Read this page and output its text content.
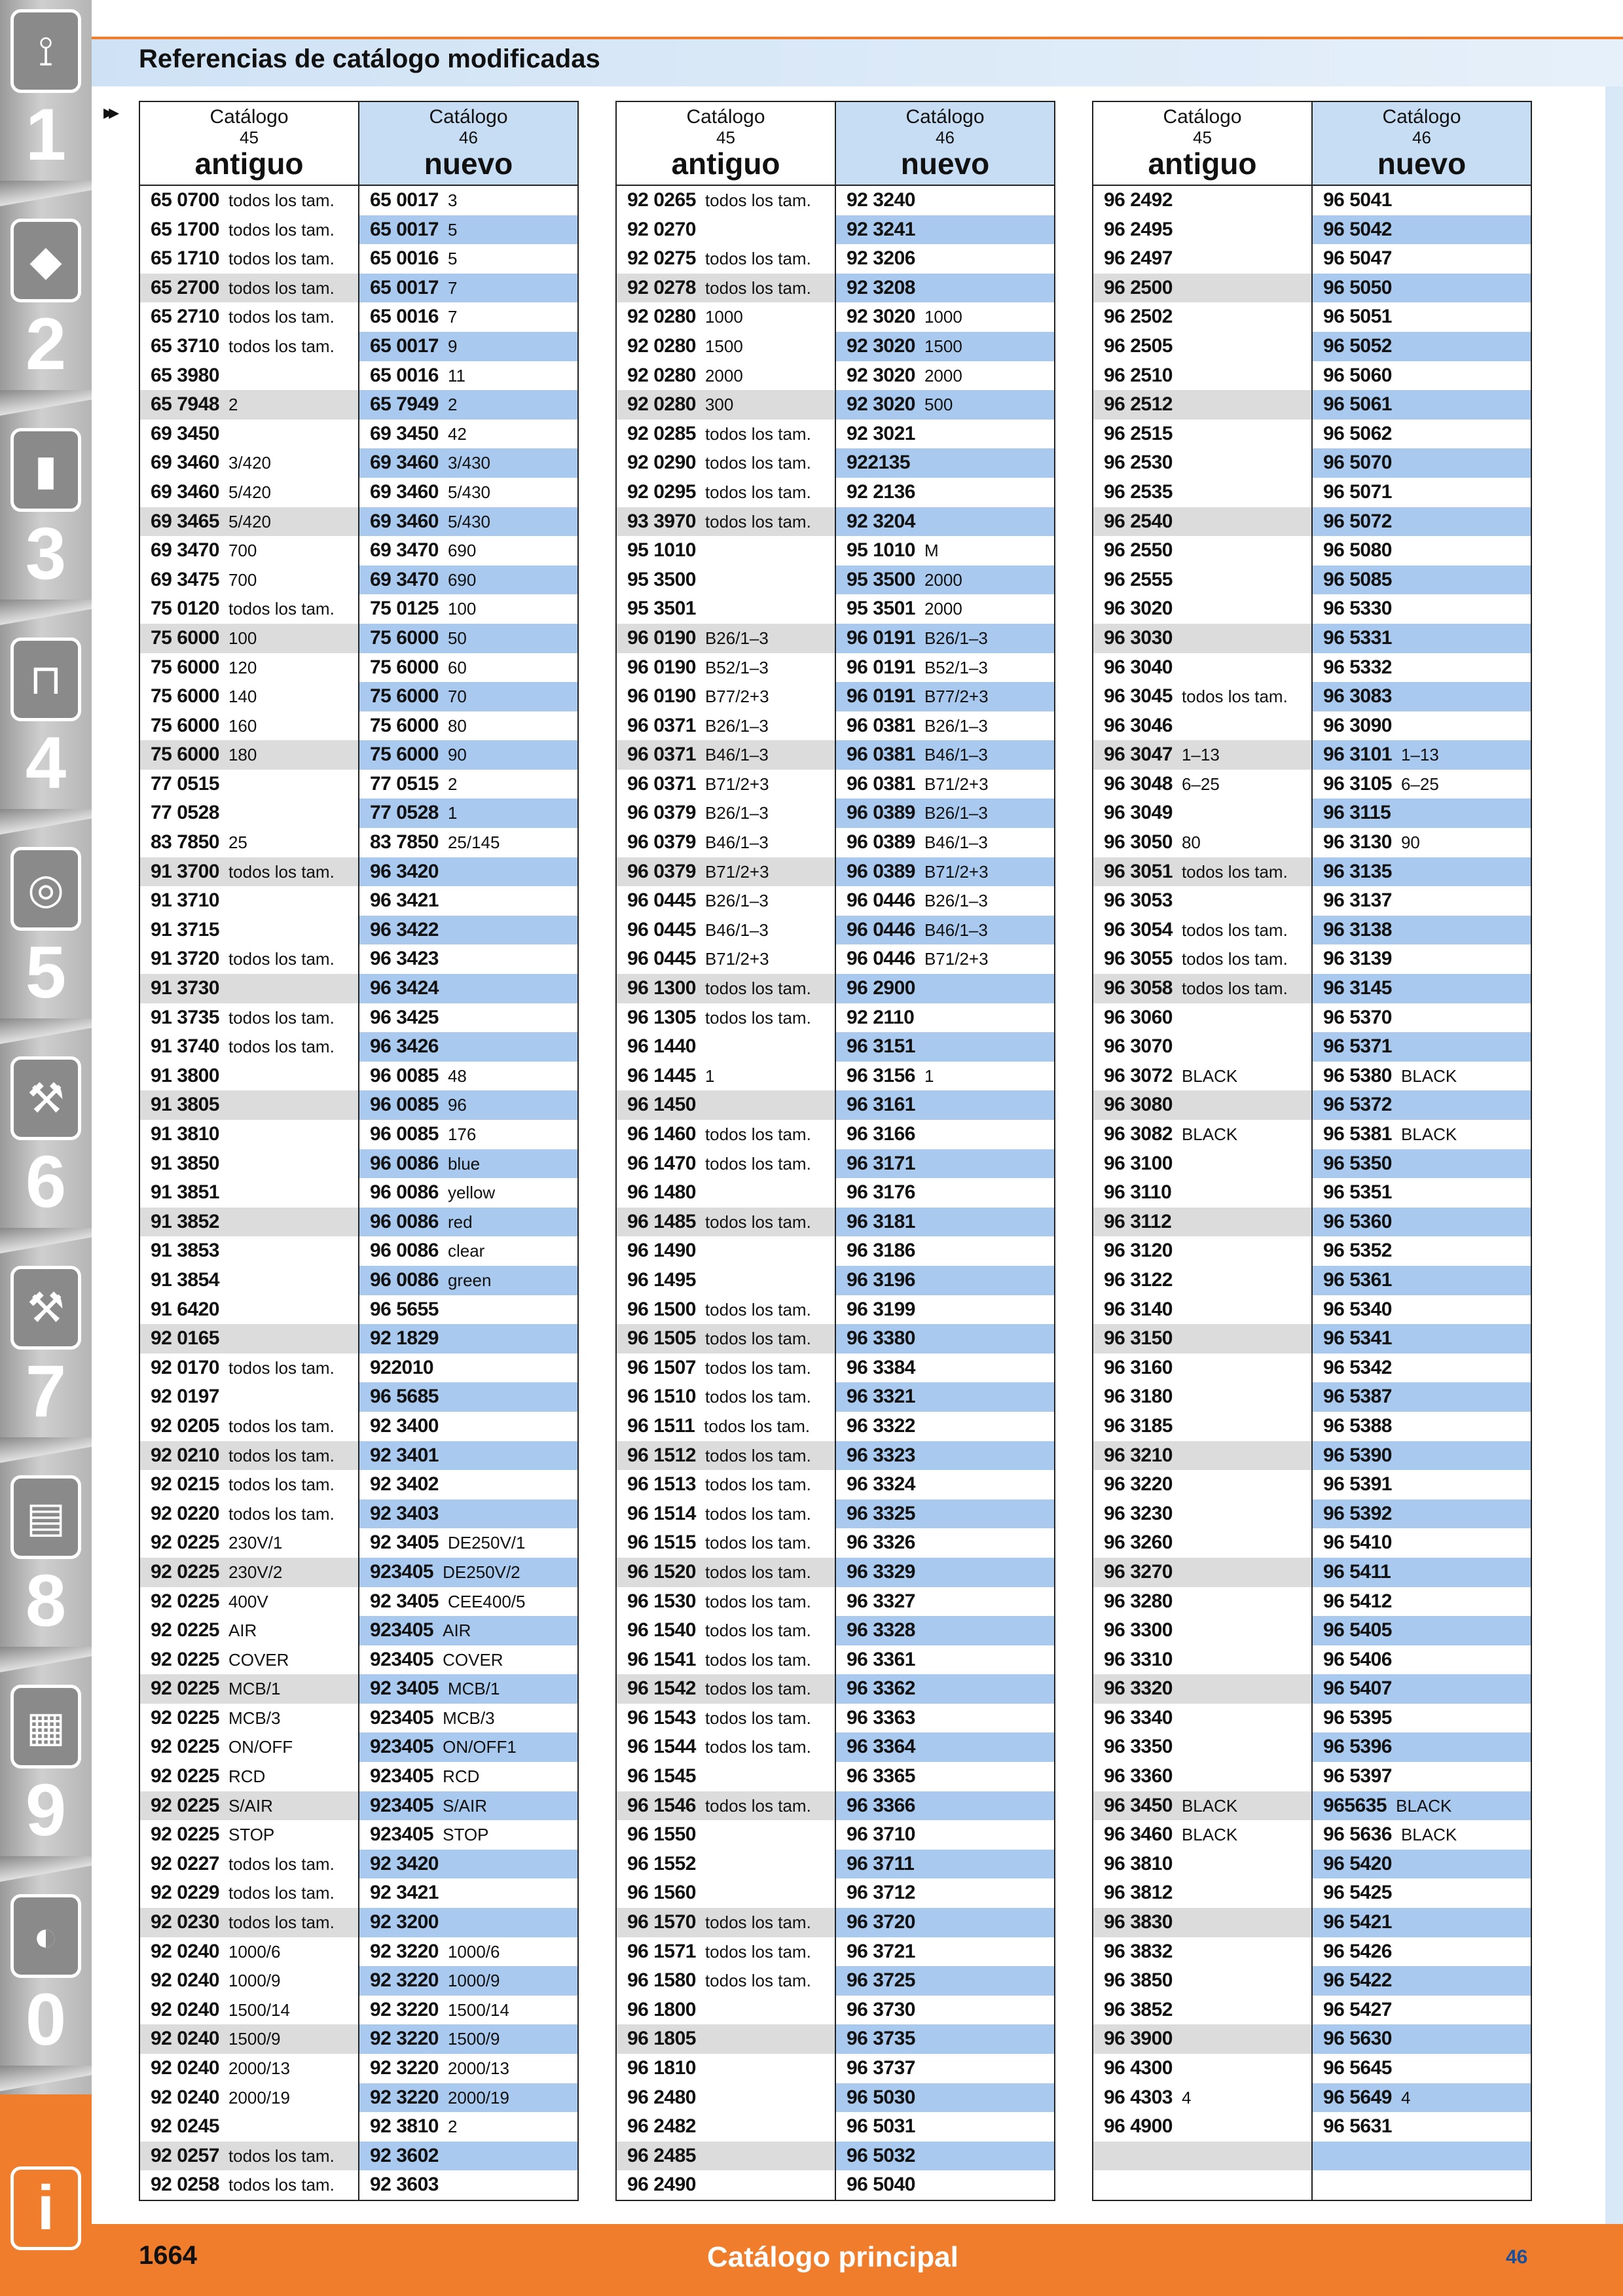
⟟
1
◆
2
▮
3
⊓
4
◎
5
⚒
6
⚒
7
▤
8
▦
9
◐
0
i
Referencias de catálogo modificadas
▸▸	Catálogo
45
antiguo
Catálogo
46
nuevo
65 0700 todos los tam.	65 0017 3
65 1700 todos los tam.	65 0017 5
65 1710 todos los tam.	65 0016 5
65 2700 todos los tam.	65 0017 7
65 2710 todos los tam.	65 0016 7
65 3710 todos los tam.	65 0017 9
65 3980	65 0016 11
65 7948 2	65 7949 2
69 3450	69 3450 42
69 3460 3/420	69 3460 3/430
69 3460 5/420	69 3460 5/430
69 3465 5/420	69 3460 5/430
69 3470 700	69 3470 690
69 3475 700	69 3470 690
75 0120 todos los tam.	75 0125 100
75 6000 100	75 6000 50
75 6000 120	75 6000 60
75 6000 140	75 6000 70
75 6000 160	75 6000 80
75 6000 180	75 6000 90
77 0515	77 0515 2
77 0528	77 0528 1
83 7850 25	83 7850 25/145
91 3700 todos los tam.	96 3420
91 3710	96 3421
91 3715	96 3422
91 3720 todos los tam.	96 3423
91 3730	96 3424
91 3735 todos los tam.	96 3425
91 3740 todos los tam.	96 3426
91 3800	96 0085 48
91 3805	96 0085 96
91 3810	96 0085 176
91 3850	96 0086 blue
91 3851	96 0086 yellow
91 3852	96 0086 red
91 3853	96 0086 clear
91 3854	96 0086 green
91 6420	96 5655
92 0165	92 1829
92 0170 todos los tam.	922010
92 0197	96 5685
92 0205 todos los tam.	92 3400
92 0210 todos los tam.	92 3401
92 0215 todos los tam.	92 3402
92 0220 todos los tam.	92 3403
92 0225 230V/1	92 3405 DE250V/1
92 0225 230V/2	923405 DE250V/2
92 0225 400V	92 3405 CEE400/5
92 0225 AIR	923405 AIR
92 0225 COVER	923405 COVER
92 0225 MCB/1	92 3405 MCB/1
92 0225 MCB/3	923405 MCB/3
92 0225 ON/OFF	923405 ON/OFF1
92 0225 RCD	923405 RCD
92 0225 S/AIR	923405 S/AIR
92 0225 STOP	923405 STOP
92 0227 todos los tam.	92 3420
92 0229 todos los tam.	92 3421
92 0230 todos los tam.	92 3200
92 0240 1000/6	92 3220 1000/6
92 0240 1000/9	92 3220 1000/9
92 0240 1500/14	92 3220 1500/14
92 0240 1500/9	92 3220 1500/9
92 0240 2000/13	92 3220 2000/13
92 0240 2000/19	92 3220 2000/19
92 0245	92 3810 2
92 0257 todos los tam.	92 3602
92 0258 todos los tam.	92 3603
Catálogo
45
antiguo
Catálogo
46
nuevo
92 0265 todos los tam.	92 3240
92 0270	92 3241
92 0275 todos los tam.	92 3206
92 0278 todos los tam.	92 3208
92 0280 1000	92 3020 1000
92 0280 1500	92 3020 1500
92 0280 2000	92 3020 2000
92 0280 300	92 3020 500
92 0285 todos los tam.	92 3021
92 0290 todos los tam.	922135
92 0295 todos los tam.	92 2136
93 3970 todos los tam.	92 3204
95 1010	95 1010 M
95 3500	95 3500 2000
95 3501	95 3501 2000
96 0190 B26/1–3	96 0191 B26/1–3
96 0190 B52/1–3	96 0191 B52/1–3
96 0190 B77/2+3	96 0191 B77/2+3
96 0371 B26/1–3	96 0381 B26/1–3
96 0371 B46/1–3	96 0381 B46/1–3
96 0371 B71/2+3	96 0381 B71/2+3
96 0379 B26/1–3	96 0389 B26/1–3
96 0379 B46/1–3	96 0389 B46/1–3
96 0379 B71/2+3	96 0389 B71/2+3
96 0445 B26/1–3	96 0446 B26/1–3
96 0445 B46/1–3	96 0446 B46/1–3
96 0445 B71/2+3	96 0446 B71/2+3
96 1300 todos los tam.	96 2900
96 1305 todos los tam.	92 2110
96 1440	96 3151
96 1445 1	96 3156 1
96 1450	96 3161
96 1460 todos los tam.	96 3166
96 1470 todos los tam.	96 3171
96 1480	96 3176
96 1485 todos los tam.	96 3181
96 1490	96 3186
96 1495	96 3196
96 1500 todos los tam.	96 3199
96 1505 todos los tam.	96 3380
96 1507 todos los tam.	96 3384
96 1510 todos los tam.	96 3321
96 1511 todos los tam.	96 3322
96 1512 todos los tam.	96 3323
96 1513 todos los tam.	96 3324
96 1514 todos los tam.	96 3325
96 1515 todos los tam.	96 3326
96 1520 todos los tam.	96 3329
96 1530 todos los tam.	96 3327
96 1540 todos los tam.	96 3328
96 1541 todos los tam.	96 3361
96 1542 todos los tam.	96 3362
96 1543 todos los tam.	96 3363
96 1544 todos los tam.	96 3364
96 1545	96 3365
96 1546 todos los tam.	96 3366
96 1550	96 3710
96 1552	96 3711
96 1560	96 3712
96 1570 todos los tam.	96 3720
96 1571 todos los tam.	96 3721
96 1580 todos los tam.	96 3725
96 1800	96 3730
96 1805	96 3735
96 1810	96 3737
96 2480	96 5030
96 2482	96 5031
96 2485	96 5032
96 2490	96 5040
Catálogo
45
antiguo
Catálogo
46
nuevo
96 2492	96 5041
96 2495	96 5042
96 2497	96 5047
96 2500	96 5050
96 2502	96 5051
96 2505	96 5052
96 2510	96 5060
96 2512	96 5061
96 2515	96 5062
96 2530	96 5070
96 2535	96 5071
96 2540	96 5072
96 2550	96 5080
96 2555	96 5085
96 3020	96 5330
96 3030	96 5331
96 3040	96 5332
96 3045 todos los tam.	96 3083
96 3046	96 3090
96 3047 1–13	96 3101 1–13
96 3048 6–25	96 3105 6–25
96 3049	96 3115
96 3050 80	96 3130 90
96 3051 todos los tam.	96 3135
96 3053	96 3137
96 3054 todos los tam.	96 3138
96 3055 todos los tam.	96 3139
96 3058 todos los tam.	96 3145
96 3060	96 5370
96 3070	96 5371
96 3072 BLACK	96 5380 BLACK
96 3080	96 5372
96 3082 BLACK	96 5381 BLACK
96 3100	96 5350
96 3110	96 5351
96 3112	96 5360
96 3120	96 5352
96 3122	96 5361
96 3140	96 5340
96 3150	96 5341
96 3160	96 5342
96 3180	96 5387
96 3185	96 5388
96 3210	96 5390
96 3220	96 5391
96 3230	96 5392
96 3260	96 5410
96 3270	96 5411
96 3280	96 5412
96 3300	96 5405
96 3310	96 5406
96 3320	96 5407
96 3340	96 5395
96 3350	96 5396
96 3360	96 5397
96 3450 BLACK	965635 BLACK
96 3460 BLACK	96 5636 BLACK
96 3810	96 5420
96 3812	96 5425
96 3830	96 5421
96 3832	96 5426
96 3850	96 5422
96 3852	96 5427
96 3900	96 5630
96 4300	96 5645
96 4303 4	96 5649 4
96 4900	96 5631
1664	Catálogo principal	46
